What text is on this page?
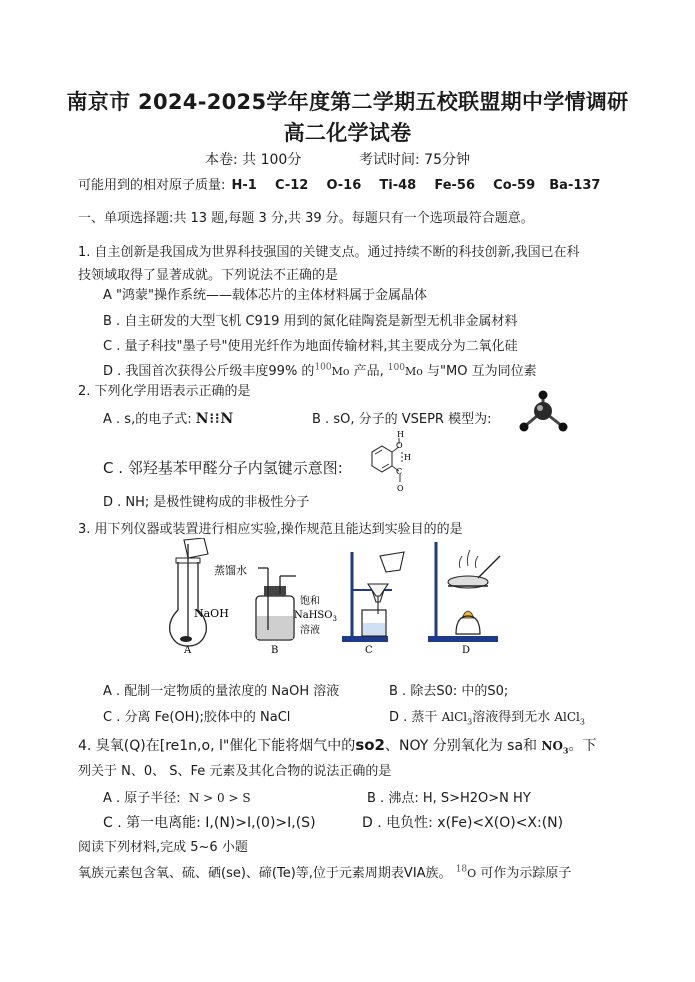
南京市 2024-2025学年度第二学期五校联盟期中学情调研
高二化学试卷
本卷: 共 100分	考试时间: 75分钟
可能用到的相对原子质量: H-1 C-12 O-16 Ti-48 Fe-56 Co-59 Ba-137
一、单项选择题:共 13 题,每题 3 分,共 39 分。每题只有一个选项最符合题意。
1. 自主创新是我国成为世界科技强国的关键支点。通过持续不断的科技创新,我国已在科
技领域取得了显著成就。下列说法不正确的是
A "鸿蒙"操作系统——载体芯片的主体材料属于金属晶体
B . 自主研发的大型飞机 C919 用到的氮化硅陶瓷是新型无机非金属材料
C . 量子科技"墨子号"使用光纤作为地面传输材料,其主要成分为二氧化硅
D . 我国首次获得公斤级丰度99% 的$^{100}$Mo 产品, $^{100}$Mo 与"MO 互为同位素
2. 下列化学用语表示正确的是
A . s,的电子式: N⁝⁝N	B . sO, 分子的 VSEPR 模型为:
C . 邻羟基苯甲醛分子内氢键示意图:
H
O
C
H
O
D . NH; 是极性键构成的非极性分子
3. 用下列仪器或装置进行相应实验,操作规范且能达到实验目的的是
蒸馏水
NaOH
A
饱和
NaHSO$_3$
溶液
B	C	D
A . 配制一定物质的量浓度的 NaOH 溶液	B . 除去S0: 中的S0;
C . 分离 Fe(OH);胶体中的 NaCl	D . 蒸干 AlCl$_3$溶液得到无水 AlCl$_3$
4. 臭氧(Q)在[re1n,o, l"催化下能将烟气中的so2、NOY 分别氧化为 sa和 $NO_3$。下
列关于 N、0、 S、Fe 元素及其化合物的说法正确的是
A . 原子半径: N > 0 > S	B . 沸点: H, S>H2O>N HY
C . 第一电离能: I,(N)>I,(0)>I,(S)	D . 电负性: x(Fe)<X(O)<X:(N)
阅读下列材料,完成 5~6 小题
氧族元素包含氧、硫、硒(se)、碲(Te)等,位于元素周期表VIA族。 $^{18}$O 可作为示踪原子
